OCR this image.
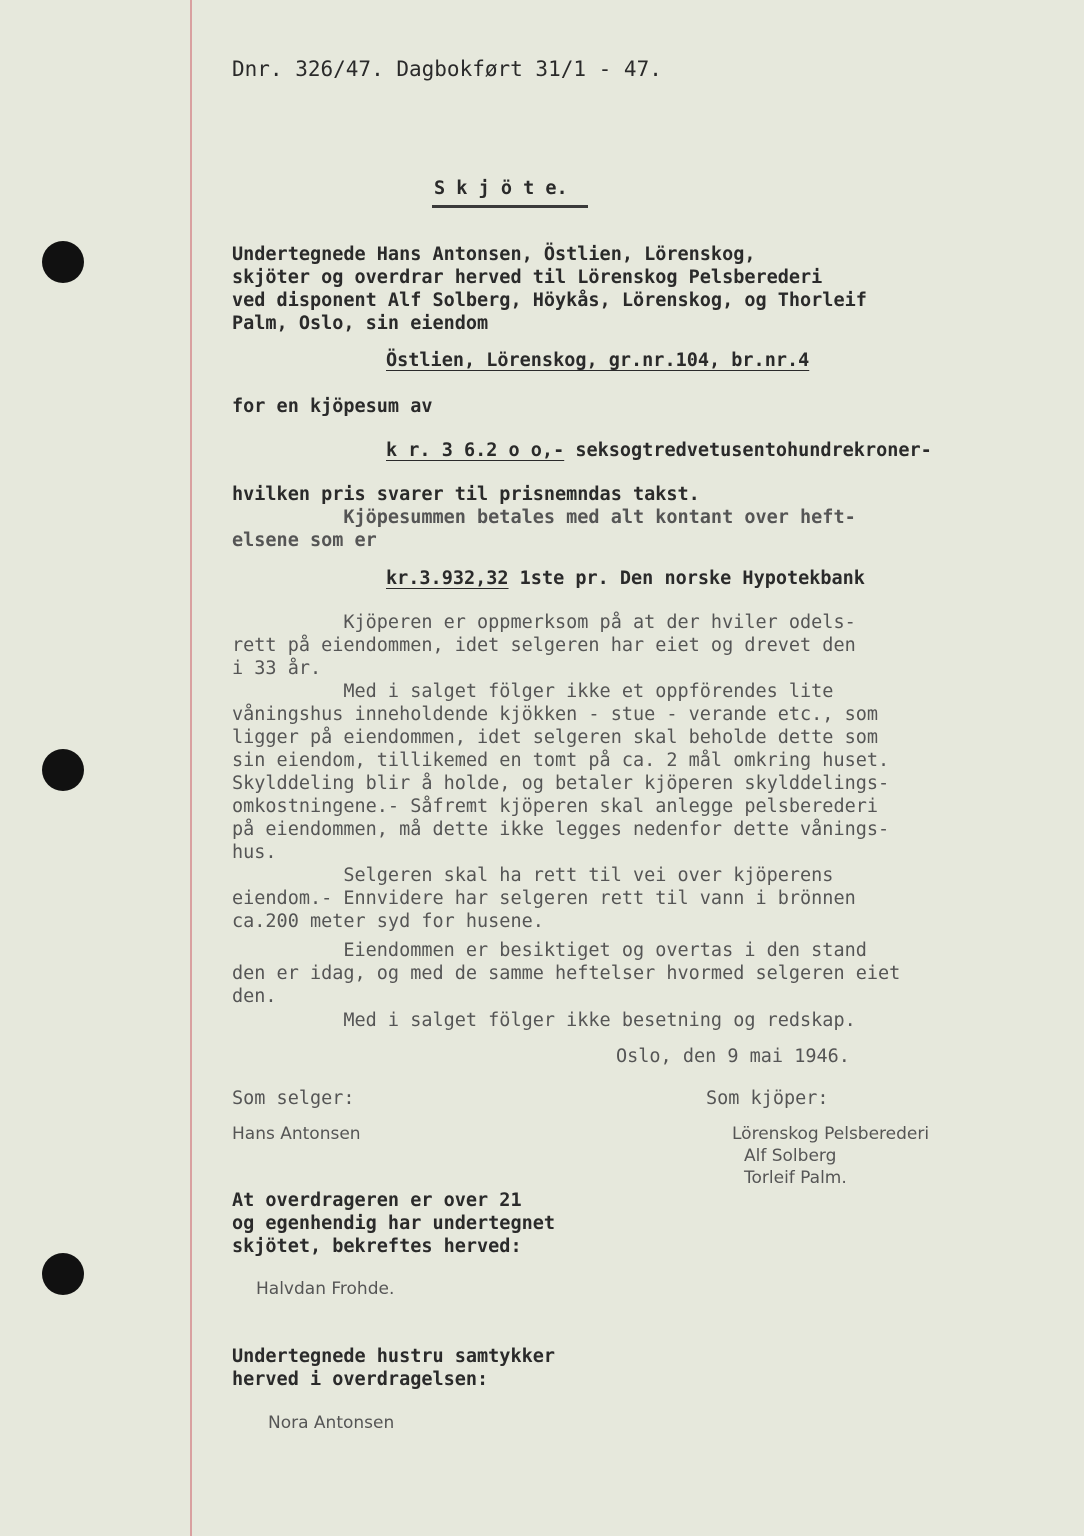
Dnr. 326/47. Dagbokført 31/1 - 47.
S k j ö t e.
Undertegnede Hans Antonsen, Östlien, Lörenskog,
skjöter og overdrar herved til Lörenskog Pelsberederi
ved disponent Alf Solberg, Höykås, Lörenskog, og Thorleif
Palm, Oslo, sin eiendom
Östlien, Lörenskog, gr.nr.104, br.nr.4
for en kjöpesum av
k r. 3 6.2 o o,- seksogtredvetusentohundrekroner-
hvilken pris svarer til prisnemndas takst.
Kjöpesummen betales med alt kontant over heft-
elsene som er
kr.3.932,32 1ste pr. Den norske Hypotekbank
Kjöperen er oppmerksom på at der hviler odels-
rett på eiendommen, idet selgeren har eiet og drevet den
i 33 år.
Med i salget fölger ikke et oppförendes lite
våningshus inneholdende kjökken - stue - verande etc., som
ligger på eiendommen, idet selgeren skal beholde dette som
sin eiendom, tillikemed en tomt på ca. 2 mål omkring huset.
Skylddeling blir å holde, og betaler kjöperen skylddelings-
omkostningene.- Såfremt kjöperen skal anlegge pelsberederi
på eiendommen, må dette ikke legges nedenfor dette vånings-
hus.
Selgeren skal ha rett til vei over kjöperens
eiendom.- Ennvidere har selgeren rett til vann i brönnen
ca.200 meter syd for husene.
Eiendommen er besiktiget og overtas i den stand
den er idag, og med de samme heftelser hvormed selgeren eiet
den.
Med i salget fölger ikke besetning og redskap.
Oslo, den 9 mai 1946.
Som selger:	Som kjöper:
Hans Antonsen	Lörenskog Pelsberederi
Alf Solberg
Torleif Palm.
At overdrageren er over 21
og egenhendig har undertegnet
skjötet, bekreftes herved:
Halvdan Frohde.
Undertegnede hustru samtykker
herved i overdragelsen:
Nora Antonsen
